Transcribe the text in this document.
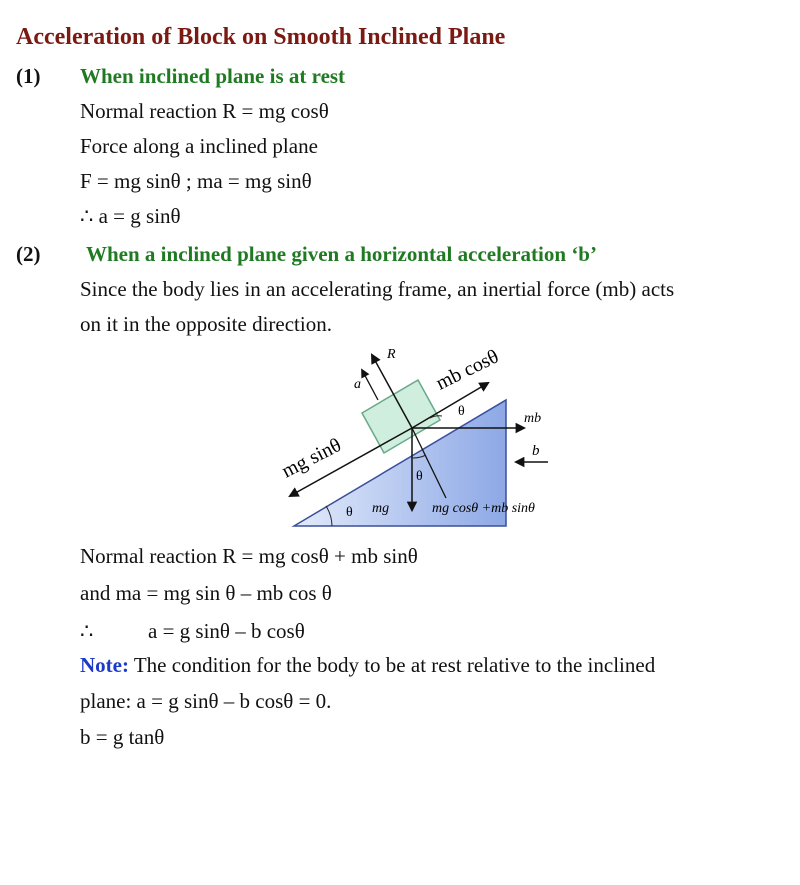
Acceleration of Block on Smooth Inclined Plane
(1) When inclined plane is at rest
Normal reaction R = mg cosθ
Force along a inclined plane
F = mg sinθ ; ma = mg sinθ
∴ a = g sinθ
(2) When a inclined plane given a horizontal acceleration ‘b’
Since the body lies in an accelerating frame, an inertial force (mb) acts
on it in the opposite direction.
R
a	mb cosθ
θ	mb
b
mg sinθ	θ
θ mg	mg cosθ +mb sinθ
Normal reaction R = mg cosθ + mb sinθ
and ma = mg sin θ – mb cos θ
∴	a = g sinθ – b cosθ
Note: The condition for the body to be at rest relative to the inclined
plane: a = g sinθ – b cosθ = 0.
b = g tanθ
